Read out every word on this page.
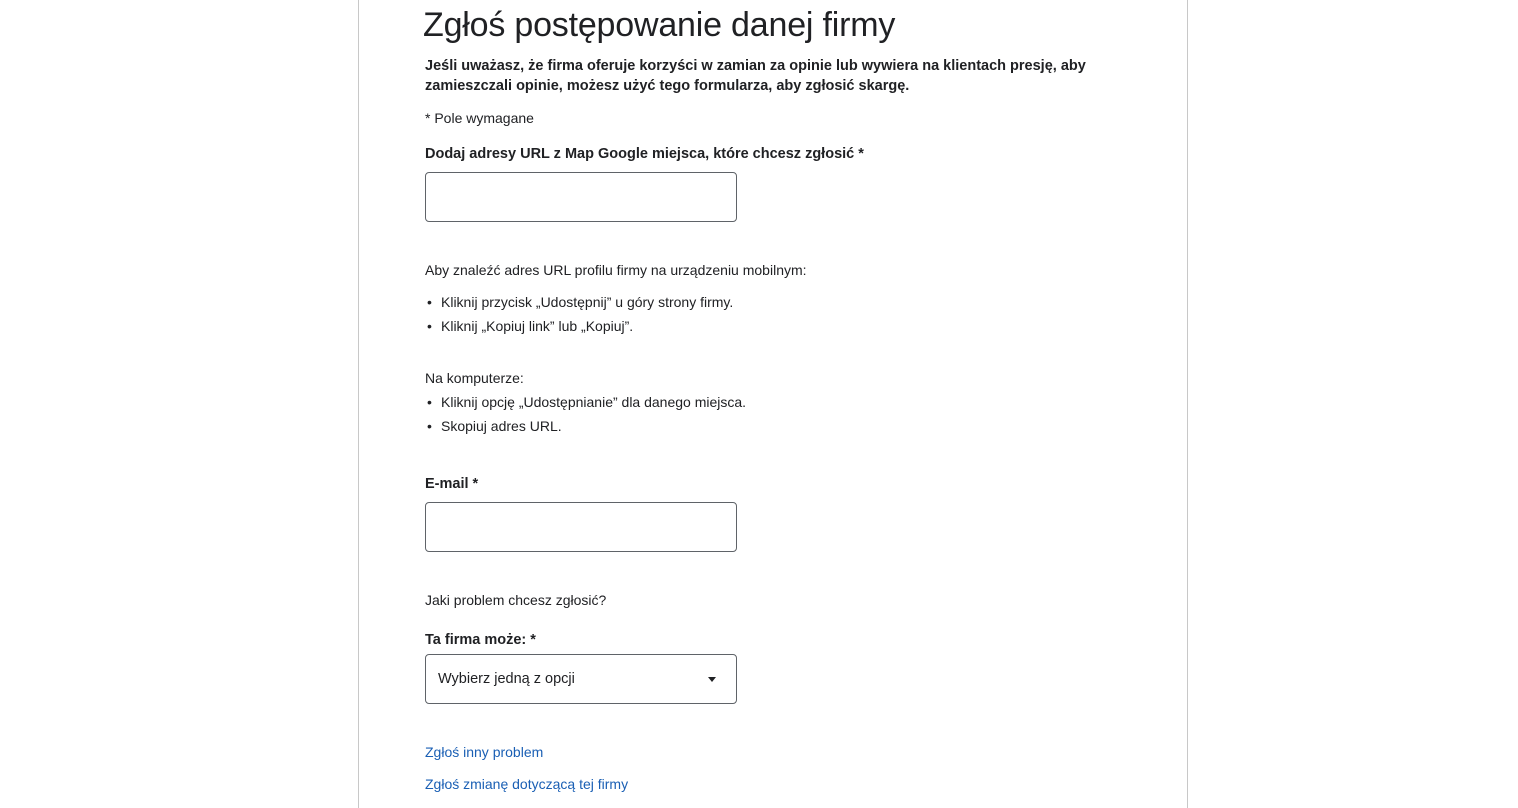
Zgłoś postępowanie danej firmy

Jeśli uważasz, że firma oferuje korzyści w zamian za opinie lub wywiera na klientach presję, aby zamieszczali opinie, możesz użyć tego formularza, aby zgłosić skargę.

* Pole wymagane
Dodaj adresy URL z Map Google miejsca, które chcesz zgłosić *
Aby znaleźć adres URL profilu firmy na urządzeniu mobilnym:
• Kliknij przycisk „Udostępnij” u góry strony firmy.
• Kliknij „Kopiuj link” lub „Kopiuj”.
Na komputerze:
• Kliknij opcję „Udostępnianie” dla danego miejsca.
• Skopiuj adres URL.
E-mail *
Jaki problem chcesz zgłosić?
Ta firma może: *
Wybierz jedną z opcji
Zgłoś inny problem
Zgłoś zmianę dotyczącą tej firmy
